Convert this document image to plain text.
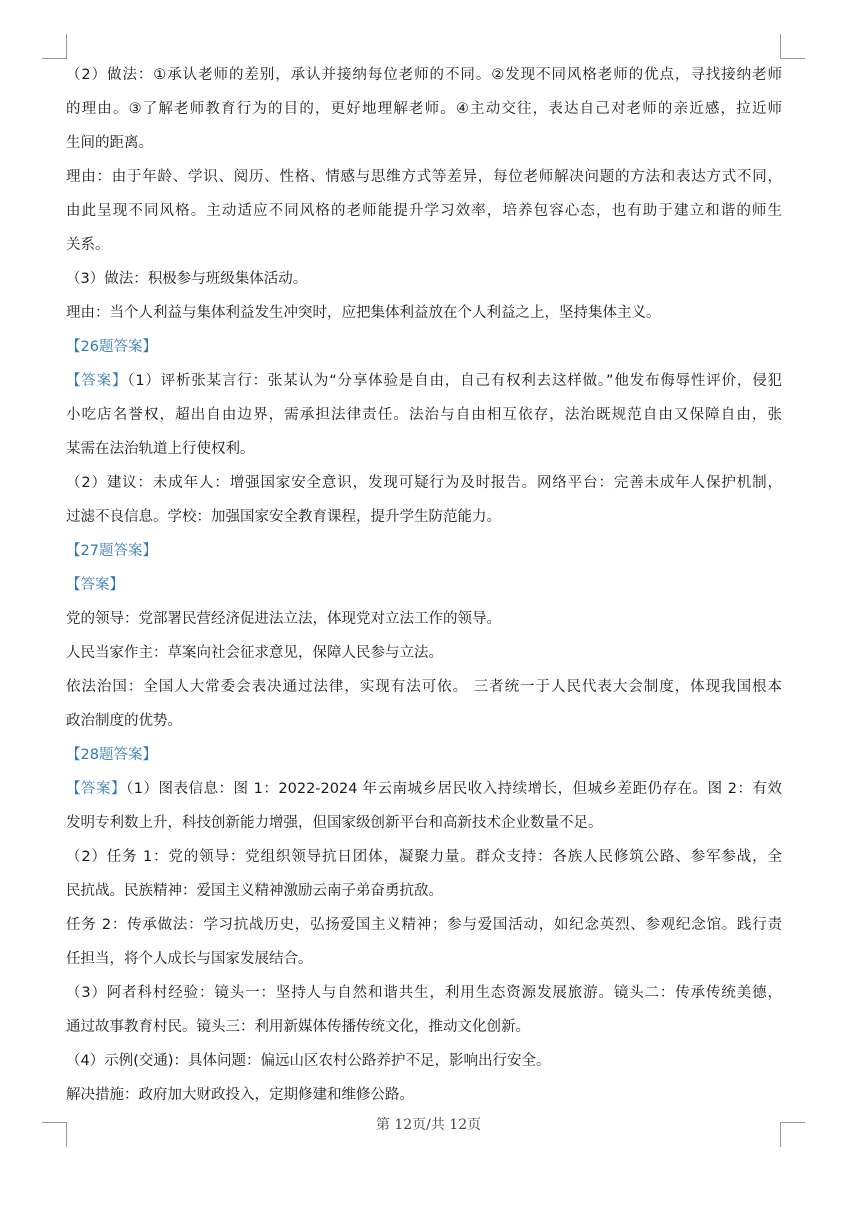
（2）做法：①承认老师的差别，承认并接纳每位老师的不同。②发现不同风格老师的优点，寻找接纳老师
的理由。③了解老师教育行为的目的，更好地理解老师。④主动交往，表达自己对老师的亲近感，拉近师
生间的距离。
理由：由于年龄、学识、阅历、性格、情感与思维方式等差异，每位老师解决问题的方法和表达方式不同，
由此呈现不同风格。主动适应不同风格的老师能提升学习效率，培养包容心态，也有助于建立和谐的师生
关系。
（3）做法：积极参与班级集体活动。
理由：当个人利益与集体利益发生冲突时，应把集体利益放在个人利益之上，坚持集体主义。
【26题答案】
【答案】（1）评析张某言行：张某认为“分享体验是自由，自己有权利去这样做。”他发布侮辱性评价，侵犯
小吃店名誉权，超出自由边界，需承担法律责任。法治与自由相互依存，法治既规范自由又保障自由，张
某需在法治轨道上行使权利。
（2）建议：未成年人：增强国家安全意识，发现可疑行为及时报告。网络平台：完善未成年人保护机制，
过滤不良信息。学校：加强国家安全教育课程，提升学生防范能力。
【27题答案】
【答案】
党的领导：党部署民营经济促进法立法，体现党对立法工作的领导。
人民当家作主：草案向社会征求意见，保障人民参与立法。
依法治国：全国人大常委会表决通过法律，实现有法可依。 三者统一于人民代表大会制度，体现我国根本
政治制度的优势。
【28题答案】
【答案】（1）图表信息：图 1：2022-2024 年云南城乡居民收入持续增长，但城乡差距仍存在。图 2：有效
发明专利数上升，科技创新能力增强，但国家级创新平台和高新技术企业数量不足。
（2）任务 1：党的领导：党组织领导抗日团体，凝聚力量。群众支持：各族人民修筑公路、参军参战，全
民抗战。民族精神：爱国主义精神激励云南子弟奋勇抗敌。
任务 2：传承做法：学习抗战历史，弘扬爱国主义精神；参与爱国活动，如纪念英烈、参观纪念馆。践行责
任担当，将个人成长与国家发展结合。
（3）阿者科村经验：镜头一：坚持人与自然和谐共生，利用生态资源发展旅游。镜头二：传承传统美德，
通过故事教育村民。镜头三：利用新媒体传播传统文化，推动文化创新。
（4）示例(交通)：具体问题：偏远山区农村公路养护不足，影响出行安全。
解决措施：政府加大财政投入，定期修建和维修公路。
第 12页/共 12页
